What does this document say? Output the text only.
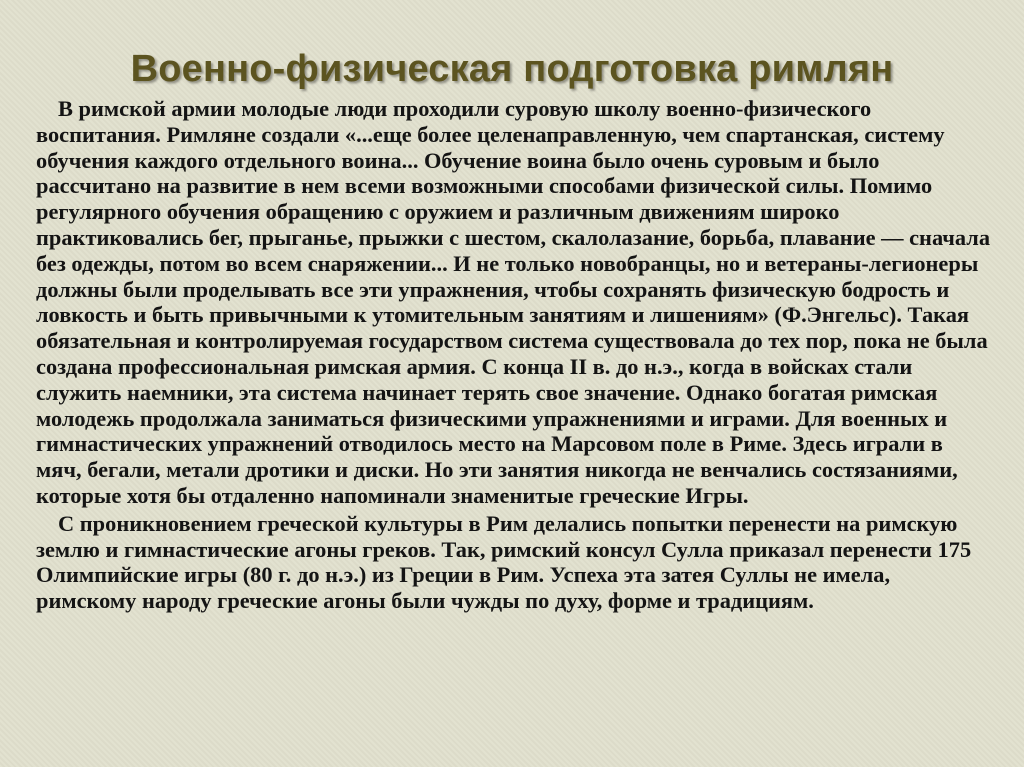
Военно-физическая подготовка римлян

В римской армии молодые люди проходили суровую школу военно-физического воспитания. Римляне создали «...еще более целенаправленную, чем спартанская, систему обучения каждого отдельного воина... Обучение воина было очень суровым и было рассчитано на развитие в нем всеми возможными способами физической силы. Помимо регулярного обучения обращению с оружием и различным движениям широко практиковались бег, прыганье, прыжки с шестом, скалолазание, борьба, плавание — сначала без одежды, потом во всем снаряжении... И не только новобранцы, но и ветераны-легионеры должны были проделывать все эти упражнения, чтобы сохранять физическую бодрость и ловкость и быть привычными к утомительным занятиям и лишениям» (Ф.Энгельс). Такая обязательная и контролируемая государством система существовала до тех пор, пока не была создана профессиональная римская армия. С конца II в. до н.э., когда в войсках стали служить наемники, эта система начинает терять свое значение. Однако богатая римская молодежь продолжала заниматься физическими упражнениями и играми. Для военных и гимнастических упражнений отводилось место на Марсовом поле в Риме. Здесь играли в мяч, бегали, метали дротики и диски. Но эти занятия никогда не венчались состязаниями, которые хотя бы отдаленно напоминали знаменитые греческие Игры.

С проникновением греческой культуры в Рим делались попытки перенести на римскую землю и гимнастические агоны греков. Так, римский консул Сулла приказал перенести 175 Олимпийские игры (80 г. до н.э.) из Греции в Рим. Успеха эта затея Суллы не имела, римскому народу греческие агоны были чужды по духу, форме и традициям.
